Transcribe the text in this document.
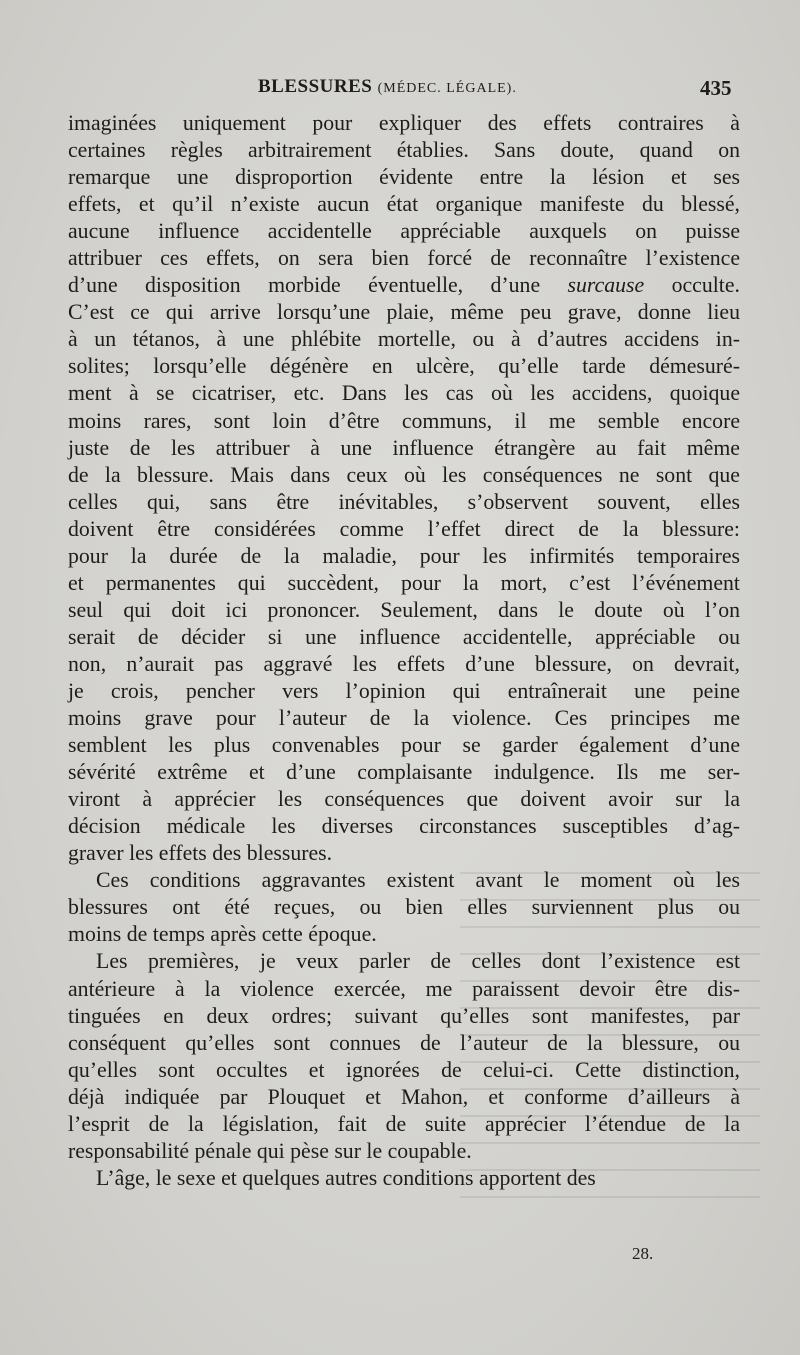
BLESSURES (MÉDEC. LÉGALE).	435

imaginées uniquement pour expliquer des effets contraires à
certaines règles arbitrairement établies. Sans doute, quand on
remarque une disproportion évidente entre la lésion et ses
effets, et qu’il n’existe aucun état organique manifeste du blessé,
aucune influence accidentelle appréciable auxquels on puisse
attribuer ces effets, on sera bien forcé de reconnaître l’existence
d’une disposition morbide éventuelle, d’une surcause occulte.
C’est ce qui arrive lorsqu’une plaie, même peu grave, donne lieu
à un tétanos, à une phlébite mortelle, ou à d’autres accidens in-
solites; lorsqu’elle dégénère en ulcère, qu’elle tarde démesuré-
ment à se cicatriser, etc. Dans les cas où les accidens, quoique
moins rares, sont loin d’être communs, il me semble encore
juste de les attribuer à une influence étrangère au fait même
de la blessure. Mais dans ceux où les conséquences ne sont que
celles qui, sans être inévitables, s’observent souvent, elles
doivent être considérées comme l’effet direct de la blessure:
pour la durée de la maladie, pour les infirmités temporaires
et permanentes qui succèdent, pour la mort, c’est l’événement
seul qui doit ici prononcer. Seulement, dans le doute où l’on
serait de décider si une influence accidentelle, appréciable ou
non, n’aurait pas aggravé les effets d’une blessure, on devrait,
je crois, pencher vers l’opinion qui entraînerait une peine
moins grave pour l’auteur de la violence. Ces principes me
semblent les plus convenables pour se garder également d’une
sévérité extrême et d’une complaisante indulgence. Ils me ser-
viront à apprécier les conséquences que doivent avoir sur la
décision médicale les diverses circonstances susceptibles d’ag-
graver les effets des blessures.

Ces conditions aggravantes existent avant le moment où les
blessures ont été reçues, ou bien elles surviennent plus ou
moins de temps après cette époque.

Les premières, je veux parler de celles dont l’existence est
antérieure à la violence exercée, me paraissent devoir être dis-
tinguées en deux ordres; suivant qu’elles sont manifestes, par
conséquent qu’elles sont connues de l’auteur de la blessure, ou
qu’elles sont occultes et ignorées de celui-ci. Cette distinction,
déjà indiquée par Plouquet et Mahon, et conforme d’ailleurs à
l’esprit de la législation, fait de suite apprécier l’étendue de la
responsabilité pénale qui pèse sur le coupable.

L’âge, le sexe et quelques autres conditions apportent des

28.
